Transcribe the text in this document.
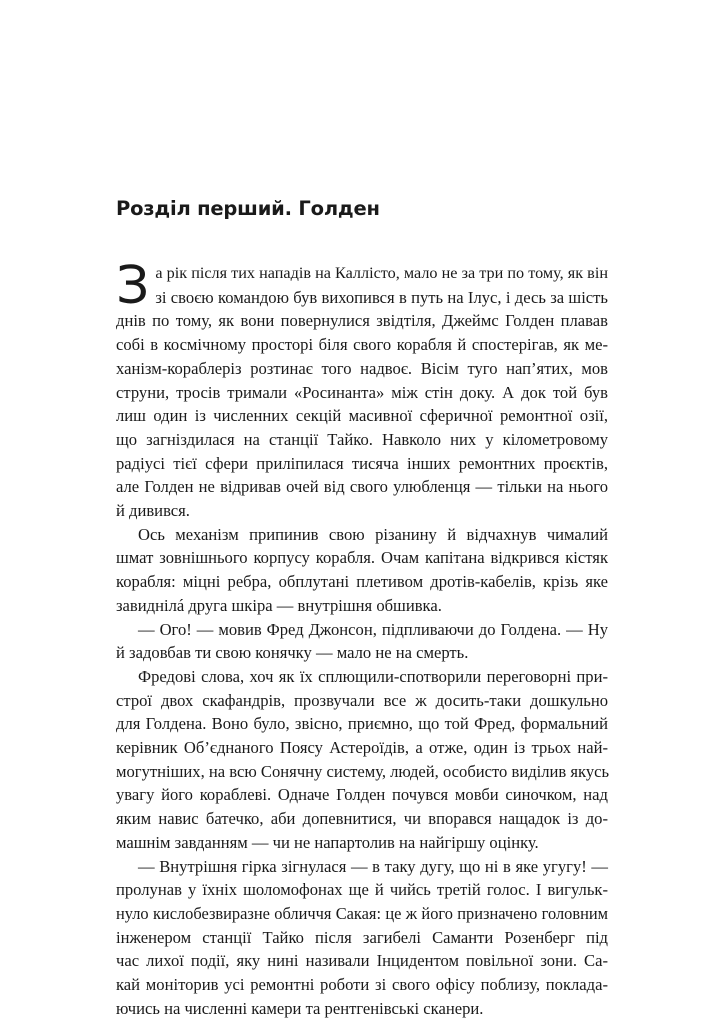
Розділ перший. Голден
З а рік після тих нападів на Каллісто, мало не за три по тому, як він

зі своєю командою був вихопився в путь на Ілус, і десь за шість

днів по тому, як вони повернулися звідтіля, Джеймс Голден плавав

собі в космічному просторі біля свого корабля й спостерігав, як ме-

ханізм-кораблеріз розтинає того надвоє. Вісім туго нап’ятих, мов

струни, тросів тримали «Росинанта» між стін доку. А док той був

лиш один із численних секцій масивної сферичної ремонтної озії,

що загніздилася на станції Тайко. Навколо них у кілометровому

радіусі тієї сфери приліпилася тисяча інших ремонтних проєктів,

але Голден не відривав очей від свого улюбленця — тільки на нього

й дивився.

Ось механізм припинив свою різанину й відчахнув чималий

шмат зовнішнього корпусу корабля. Очам капітана відкрився кістяк

корабля: міцні ребра, обплутані плетивом дротів-кабелів, крізь яке

завиднілá друга шкіра — внутрішня обшивка.

— Ого! — мовив Фред Джонсон, підпливаючи до Голдена. — Ну

й задовбав ти свою конячку — мало не на смерть.

Фредові слова, хоч як їх сплющили-спотворили переговорні при-

строї двох скафандрів, прозвучали все ж досить-таки дошкульно

для Голдена. Воно було, звісно, приємно, що той Фред, формальний

керівник Об’єднаного Поясу Астероїдів, а отже, один із трьох най-

могутніших, на всю Сонячну систему, людей, особисто виділив якусь

увагу його кораблеві. Одначе Голден почувся мовби синочком, над

яким навис батечко, аби допевнитися, чи впорався нащадок із до-

машнім завданням — чи не напартолив на найгіршу оцінку.

— Внутрішня гірка зігнулася — в таку дугу, що ні в яке угугу! —

пролунав у їхніх шоломофонах ще й чийсь третій голос. І вигульк-

нуло кислобезвиразне обличчя Сакая: це ж його призначено головним

інженером станції Тайко після загибелі Саманти Розенберг під

час лихої події, яку нині називали Інцидентом повільної зони. Са-

кай моніторив усі ремонтні роботи зі свого офісу поблизу, поклада-

ючись на численні камери та рентгенівські сканери.
